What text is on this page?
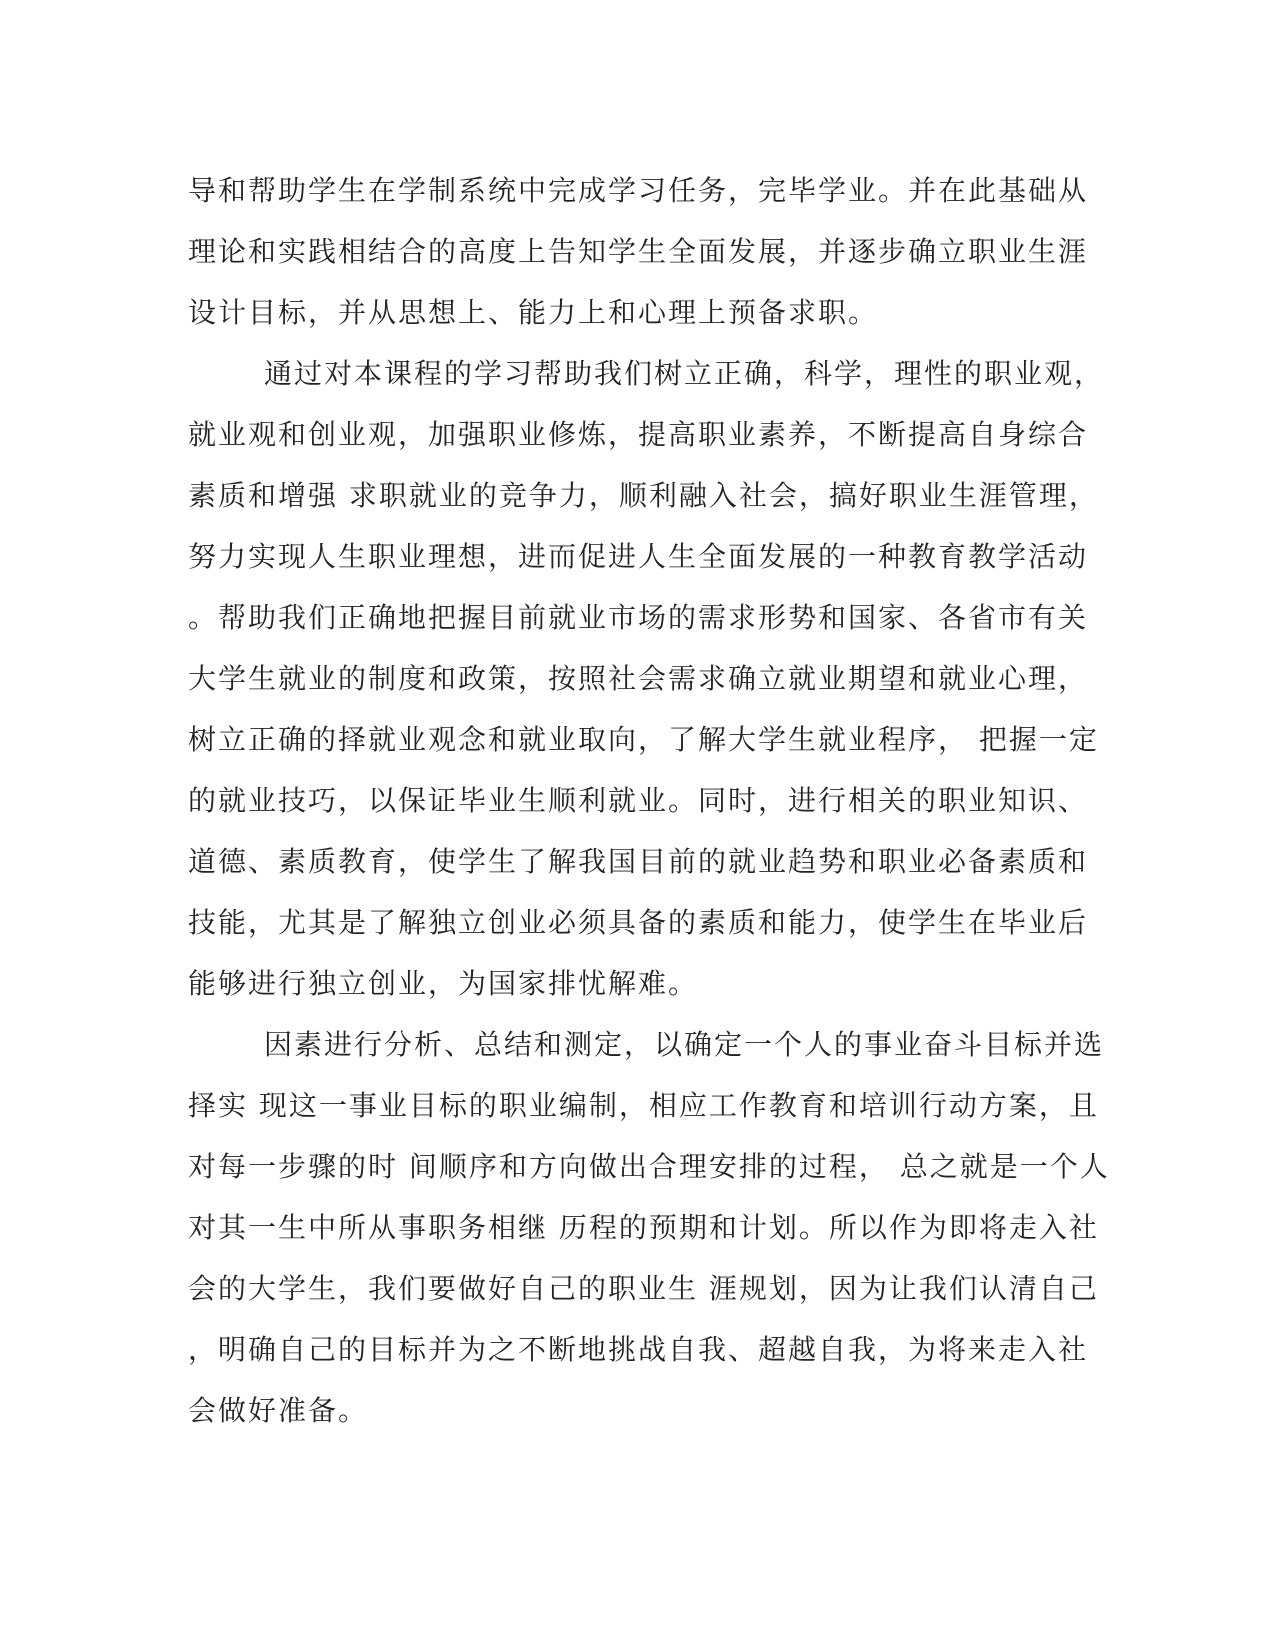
导和帮助学生在学制系统中完成学习任务，完毕学业。并在此基础从
理论和实践相结合的高度上告知学生全面发展，并逐步确立职业生涯
设计目标，并从思想上、能力上和心理上预备求职。
通过对本课程的学习帮助我们树立正确，科学，理性的职业观，
就业观和创业观，加强职业修炼，提高职业素养，不断提高自身综合
素质和增强 求职就业的竞争力，顺利融入社会，搞好职业生涯管理，
努力实现人生职业理想，进而促进人生全面发展的一种教育教学活动
。帮助我们正确地把握目前就业市场的需求形势和国家、各省市有关
大学生就业的制度和政策，按照社会需求确立就业期望和就业心理，
树立正确的择就业观念和就业取向，了解大学生就业程序， 把握一定
的就业技巧，以保证毕业生顺利就业。同时，进行相关的职业知识、
道德、素质教育，使学生了解我国目前的就业趋势和职业必备素质和
技能，尤其是了解独立创业必须具备的素质和能力，使学生在毕业后
能够进行独立创业，为国家排忧解难。
因素进行分析、总结和测定，以确定一个人的事业奋斗目标并选
择实 现这一事业目标的职业编制，相应工作教育和培训行动方案，且
对每一步骤的时 间顺序和方向做出合理安排的过程， 总之就是一个人
对其一生中所从事职务相继 历程的预期和计划。所以作为即将走入社
会的大学生，我们要做好自己的职业生 涯规划，因为让我们认清自己
，明确自己的目标并为之不断地挑战自我、超越自我，为将来走入社
会做好准备。
